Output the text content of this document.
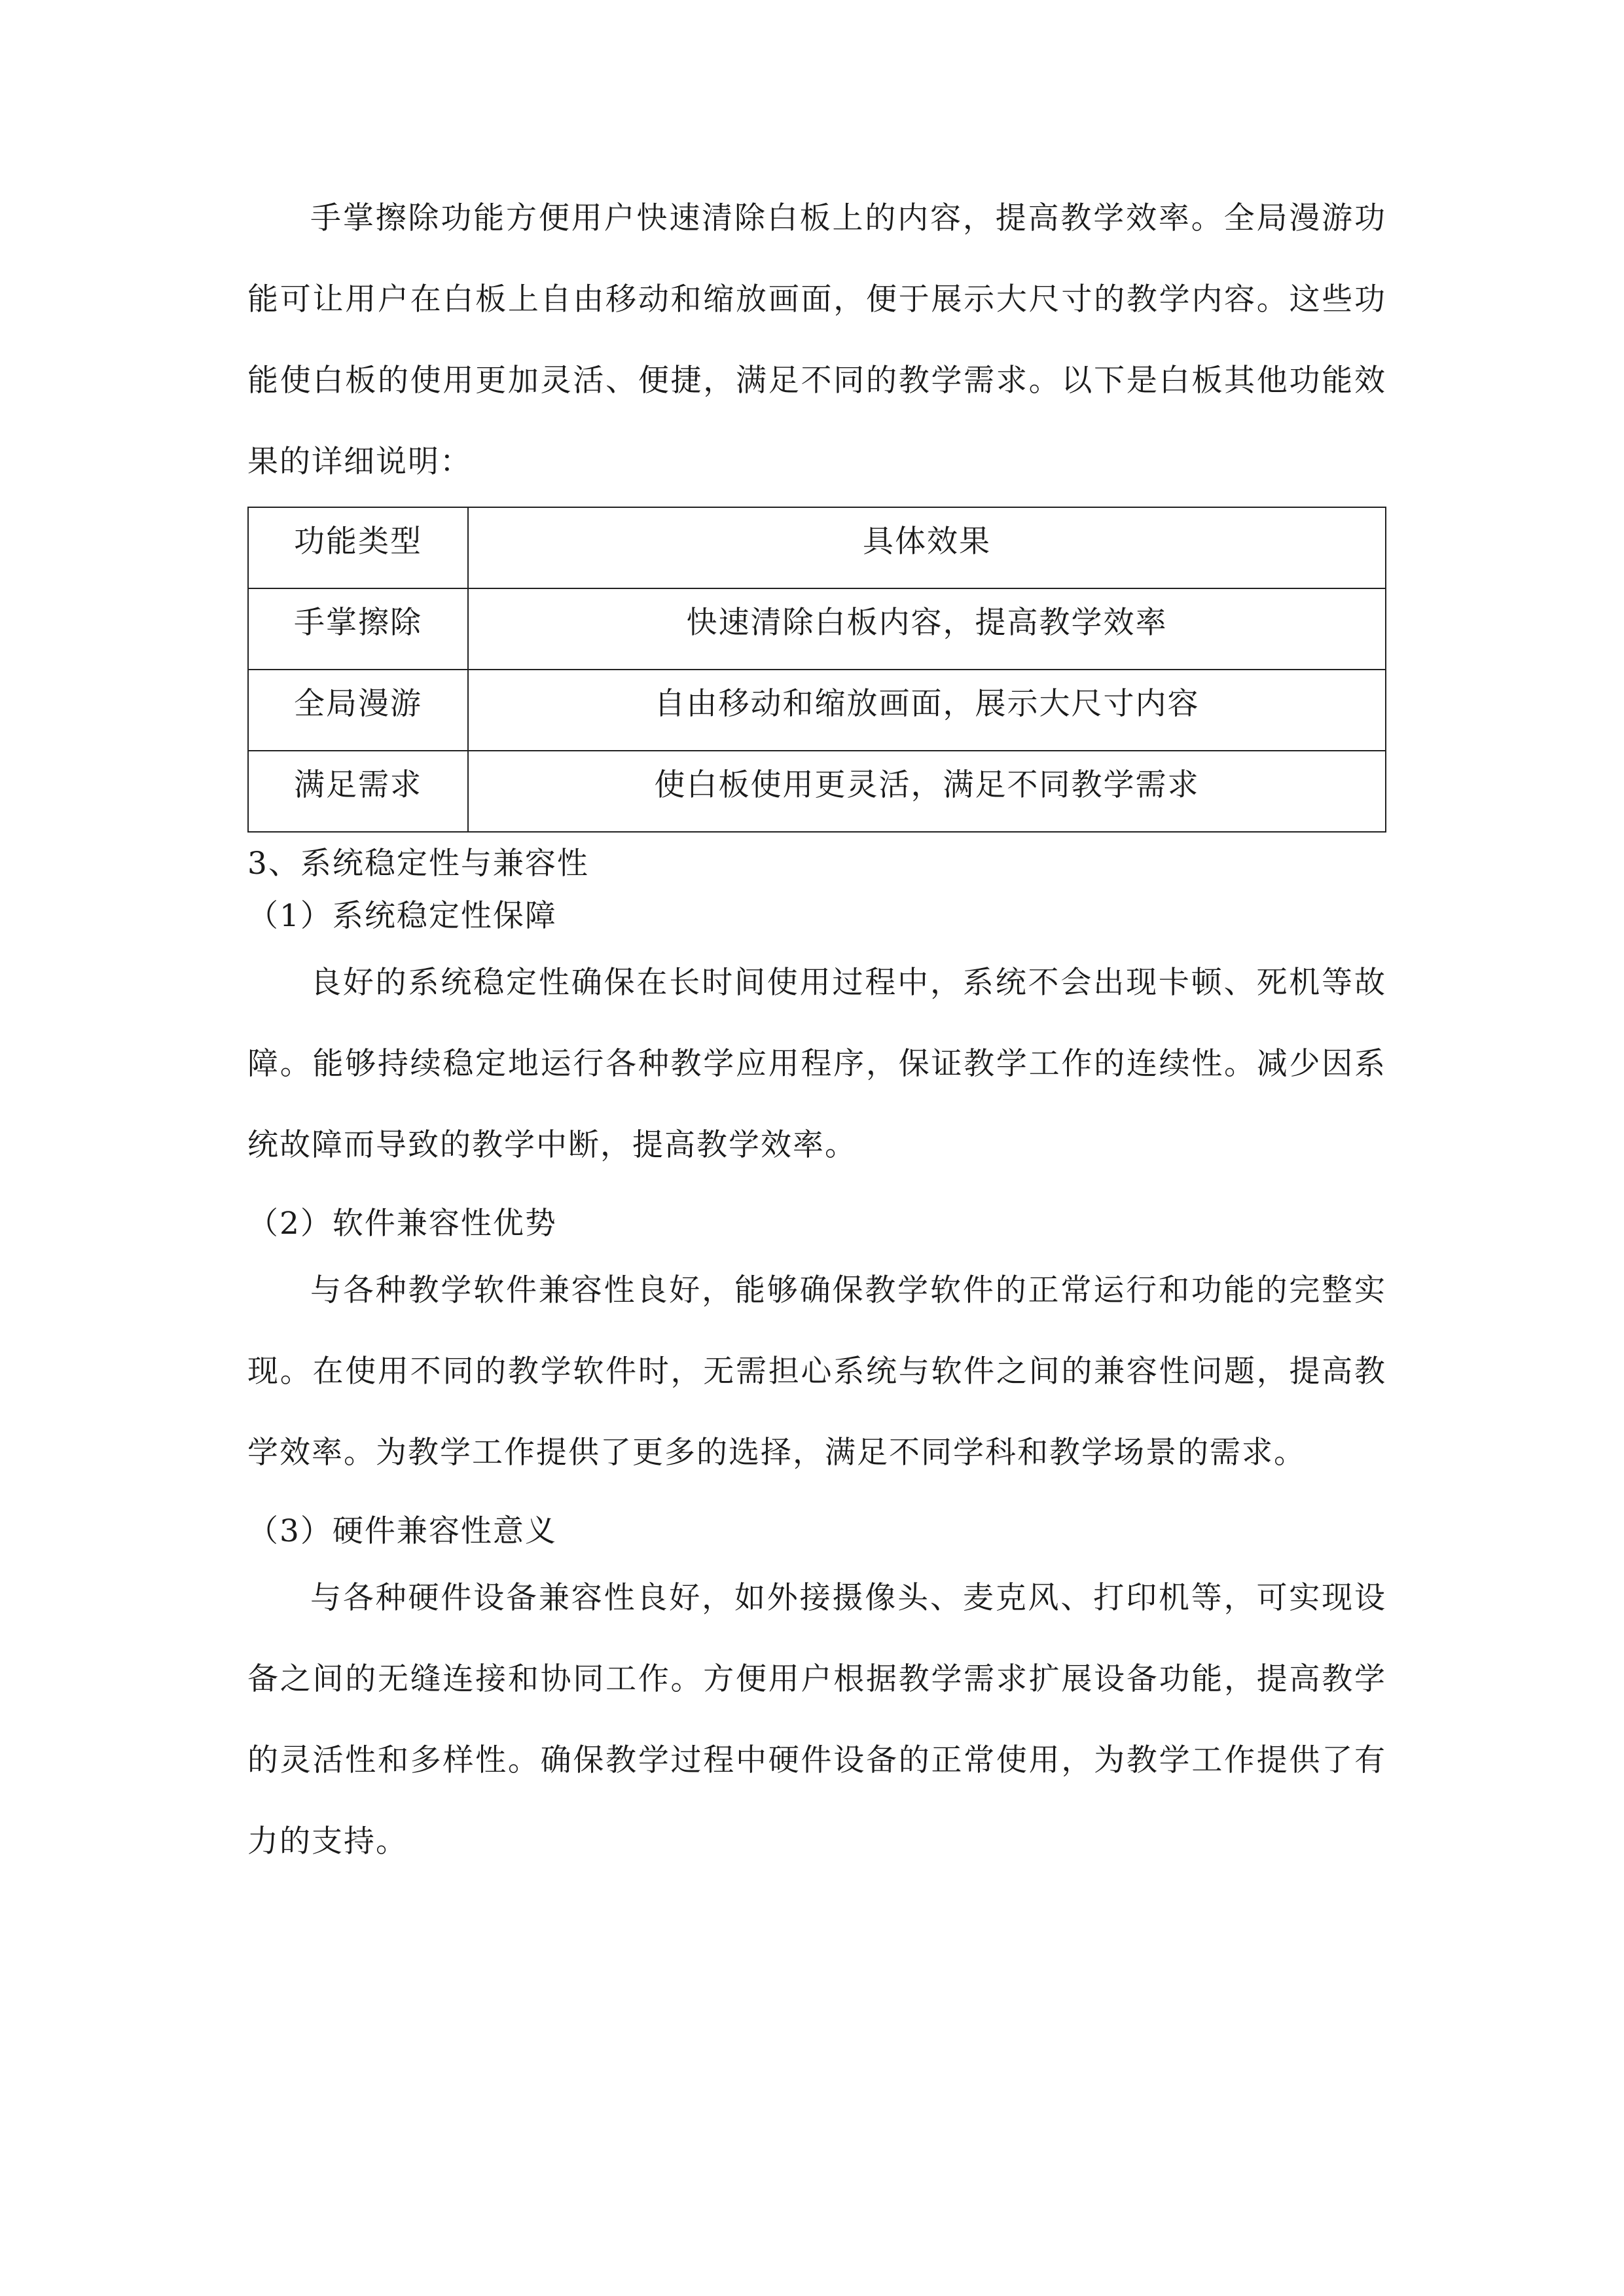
手掌擦除功能方便用户快速清除白板上的内容，提高教学效率。全局漫游功能可让用户在白板上自由移动和缩放画面，便于展示大尺寸的教学内容。这些功能使白板的使用更加灵活、便捷，满足不同的教学需求。以下是白板其他功能效果的详细说明：

功能类型	具体效果

手掌擦除	快速清除白板内容，提高教学效率

全局漫游	自由移动和缩放画面，展示大尺寸内容

满足需求	使白板使用更灵活，满足不同教学需求

3、系统稳定性与兼容性

（1）系统稳定性保障

良好的系统稳定性确保在长时间使用过程中，系统不会出现卡顿、死机等故障。能够持续稳定地运行各种教学应用程序，保证教学工作的连续性。减少因系统故障而导致的教学中断，提高教学效率。

（2）软件兼容性优势

与各种教学软件兼容性良好，能够确保教学软件的正常运行和功能的完整实现。在使用不同的教学软件时，无需担心系统与软件之间的兼容性问题，提高教学效率。为教学工作提供了更多的选择，满足不同学科和教学场景的需求。

（3）硬件兼容性意义

与各种硬件设备兼容性良好，如外接摄像头、麦克风、打印机等，可实现设备之间的无缝连接和协同工作。方便用户根据教学需求扩展设备功能，提高教学的灵活性和多样性。确保教学过程中硬件设备的正常使用，为教学工作提供了有力的支持。
